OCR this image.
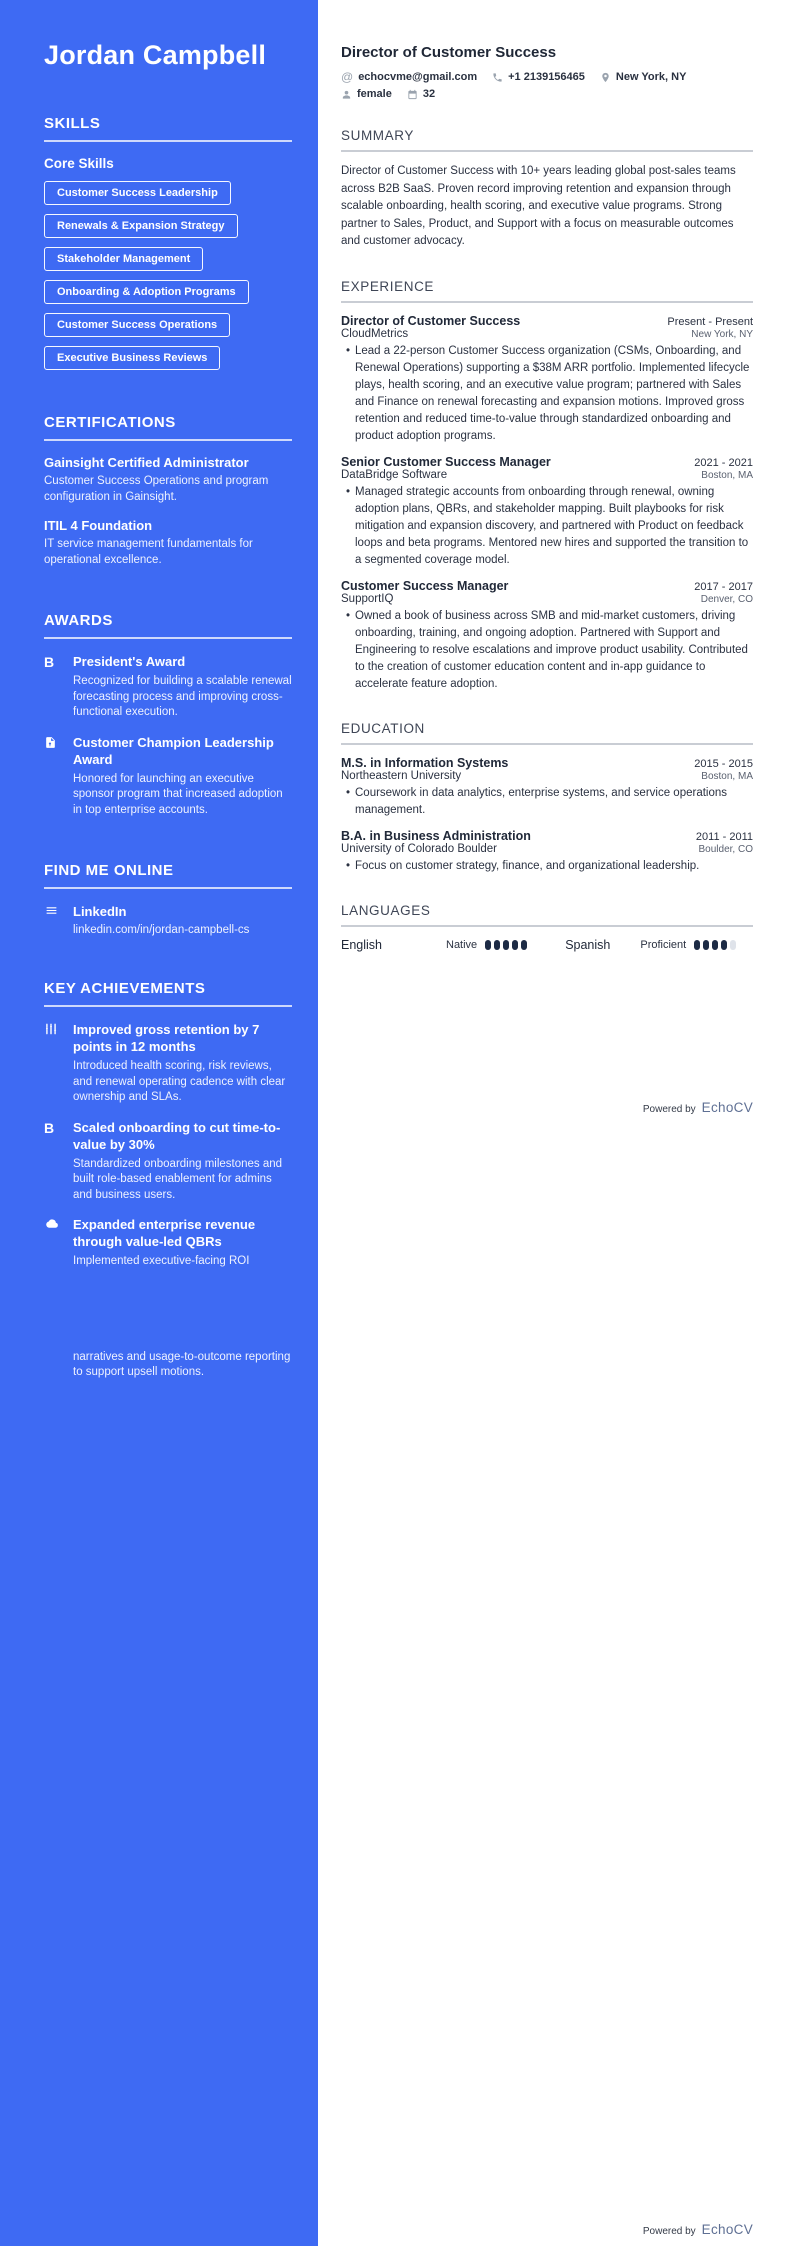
Jordan Campbell
SKILLS
Core Skills
Customer Success Leadership
Renewals & Expansion Strategy
Stakeholder Management
Onboarding & Adoption Programs
Customer Success Operations
Executive Business Reviews
CERTIFICATIONS
Gainsight Certified Administrator
Customer Success Operations and program configuration in Gainsight.
ITIL 4 Foundation
IT service management fundamentals for operational excellence.
AWARDS
B	President's Award
Recognized for building a scalable renewal forecasting process and improving cross-functional execution.
Customer Champion Leadership Award
Honored for launching an executive sponsor program that increased adoption in top enterprise accounts.
FIND ME ONLINE
LinkedIn
linkedin.com/in/jordan-campbell-cs
KEY ACHIEVEMENTS
Improved gross retention by 7 points in 12 months
Introduced health scoring, risk reviews, and renewal operating cadence with clear ownership and SLAs.
B	Scaled onboarding to cut time-to-value by 30%
Standardized onboarding milestones and built role-based enablement for admins and business users.
Expanded enterprise revenue through value-led QBRs
Implemented executive-facing ROI
narratives and usage-to-outcome reporting to support upsell motions.
Director of Customer Success
@ echocvme@gmail.com	+1 2139156465	New York, NY
female	32
SUMMARY

Director of Customer Success with 10+ years leading global post-sales teams across B2B SaaS. Proven record improving retention and expansion through scalable onboarding, health scoring, and executive value programs. Strong partner to Sales, Product, and Support with a focus on measurable outcomes and customer advocacy.

EXPERIENCE
Director of Customer Success	Present - Present
CloudMetrics	New York, NY
• Lead a 22-person Customer Success organization (CSMs, Onboarding, and Renewal Operations) supporting a $38M ARR portfolio. Implemented lifecycle plays, health scoring, and an executive value program; partnered with Sales and Finance on renewal forecasting and expansion motions. Improved gross retention and reduced time-to-value through standardized onboarding and product adoption programs.
Senior Customer Success Manager	2021 - 2021
DataBridge Software	Boston, MA
• Managed strategic accounts from onboarding through renewal, owning adoption plans, QBRs, and stakeholder mapping. Built playbooks for risk mitigation and expansion discovery, and partnered with Product on feedback loops and beta programs. Mentored new hires and supported the transition to a segmented coverage model.
Customer Success Manager	2017 - 2017
SupportIQ	Denver, CO
• Owned a book of business across SMB and mid-market customers, driving onboarding, training, and ongoing adoption. Partnered with Support and Engineering to resolve escalations and improve product usability. Contributed to the creation of customer education content and in-app guidance to accelerate feature adoption.
EDUCATION
M.S. in Information Systems	2015 - 2015
Northeastern University	Boston, MA
• Coursework in data analytics, enterprise systems, and service operations management.
B.A. in Business Administration	2011 - 2011
University of Colorado Boulder	Boulder, CO
• Focus on customer strategy, finance, and organizational leadership.
LANGUAGES
English	Native	Spanish	Proficient
Powered by EchoCV
Powered by EchoCV
